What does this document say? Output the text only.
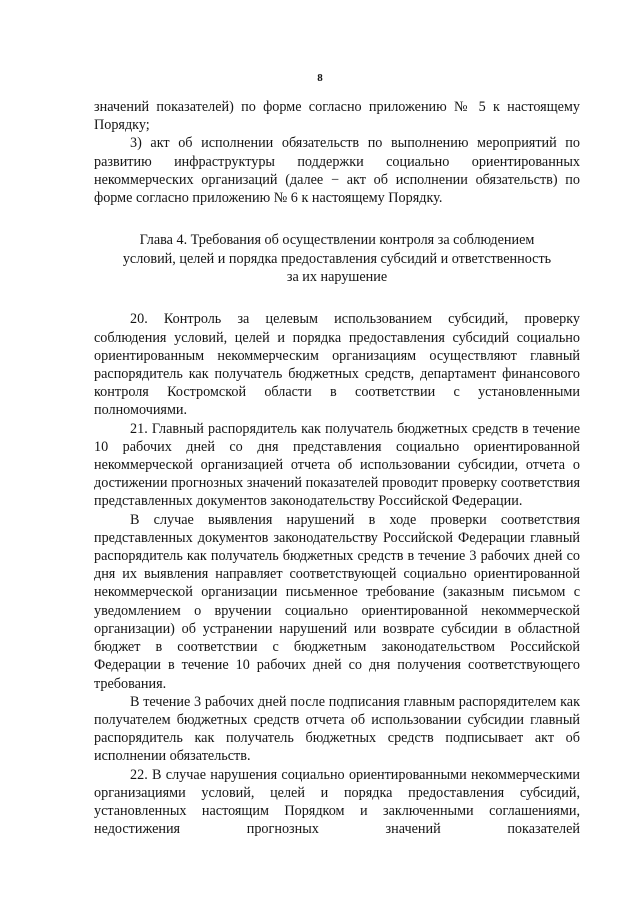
8

значений показателей) по форме согласно приложению № 5 к настоящему Порядку;

3) акт об исполнении обязательств по выполнению мероприятий по развитию инфраструктуры поддержки социально ориентированных некоммерческих организаций (далее − акт об исполнении обязательств) по форме согласно приложению № 6 к настоящему Порядку.

Глава 4. Требования об осуществлении контроля за соблюдением
условий, целей и порядка предоставления субсидий и ответственность
за их нарушение

20. Контроль за целевым использованием субсидий, проверку соблюдения условий, целей и порядка предоставления субсидий социально ориентированным некоммерческим организациям осуществляют главный распорядитель как получатель бюджетных средств, департамент финансового контроля Костромской области в соответствии с установленными полномочиями.

21. Главный распорядитель как получатель бюджетных средств в течение 10 рабочих дней со дня представления социально ориентированной некоммерческой организацией отчета об использовании субсидии, отчета о достижении прогнозных значений показателей проводит проверку соответствия представленных документов законодательству Российской Федерации.

В случае выявления нарушений в ходе проверки соответствия представленных документов законодательству Российской Федерации главный распорядитель как получатель бюджетных средств в течение 3 рабочих дней со дня их выявления направляет соответствующей социально ориентированной некоммерческой организации письменное требование (заказным письмом с уведомлением о вручении социально ориентированной некоммерческой организации) об устранении нарушений или возврате субсидии в областной бюджет в соответствии с бюджетным законодательством Российской Федерации в течение 10 рабочих дней со дня получения соответствующего требования.

В течение 3 рабочих дней после подписания главным распорядителем как получателем бюджетных средств отчета об использовании субсидии главный распорядитель как получатель бюджетных средств подписывает акт об исполнении обязательств.

22. В случае нарушения социально ориентированными некоммерческими организациями условий, целей и порядка предоставления субсидий, установленных настоящим Порядком и заключенными соглашениями, недостижения прогнозных значений показателей
